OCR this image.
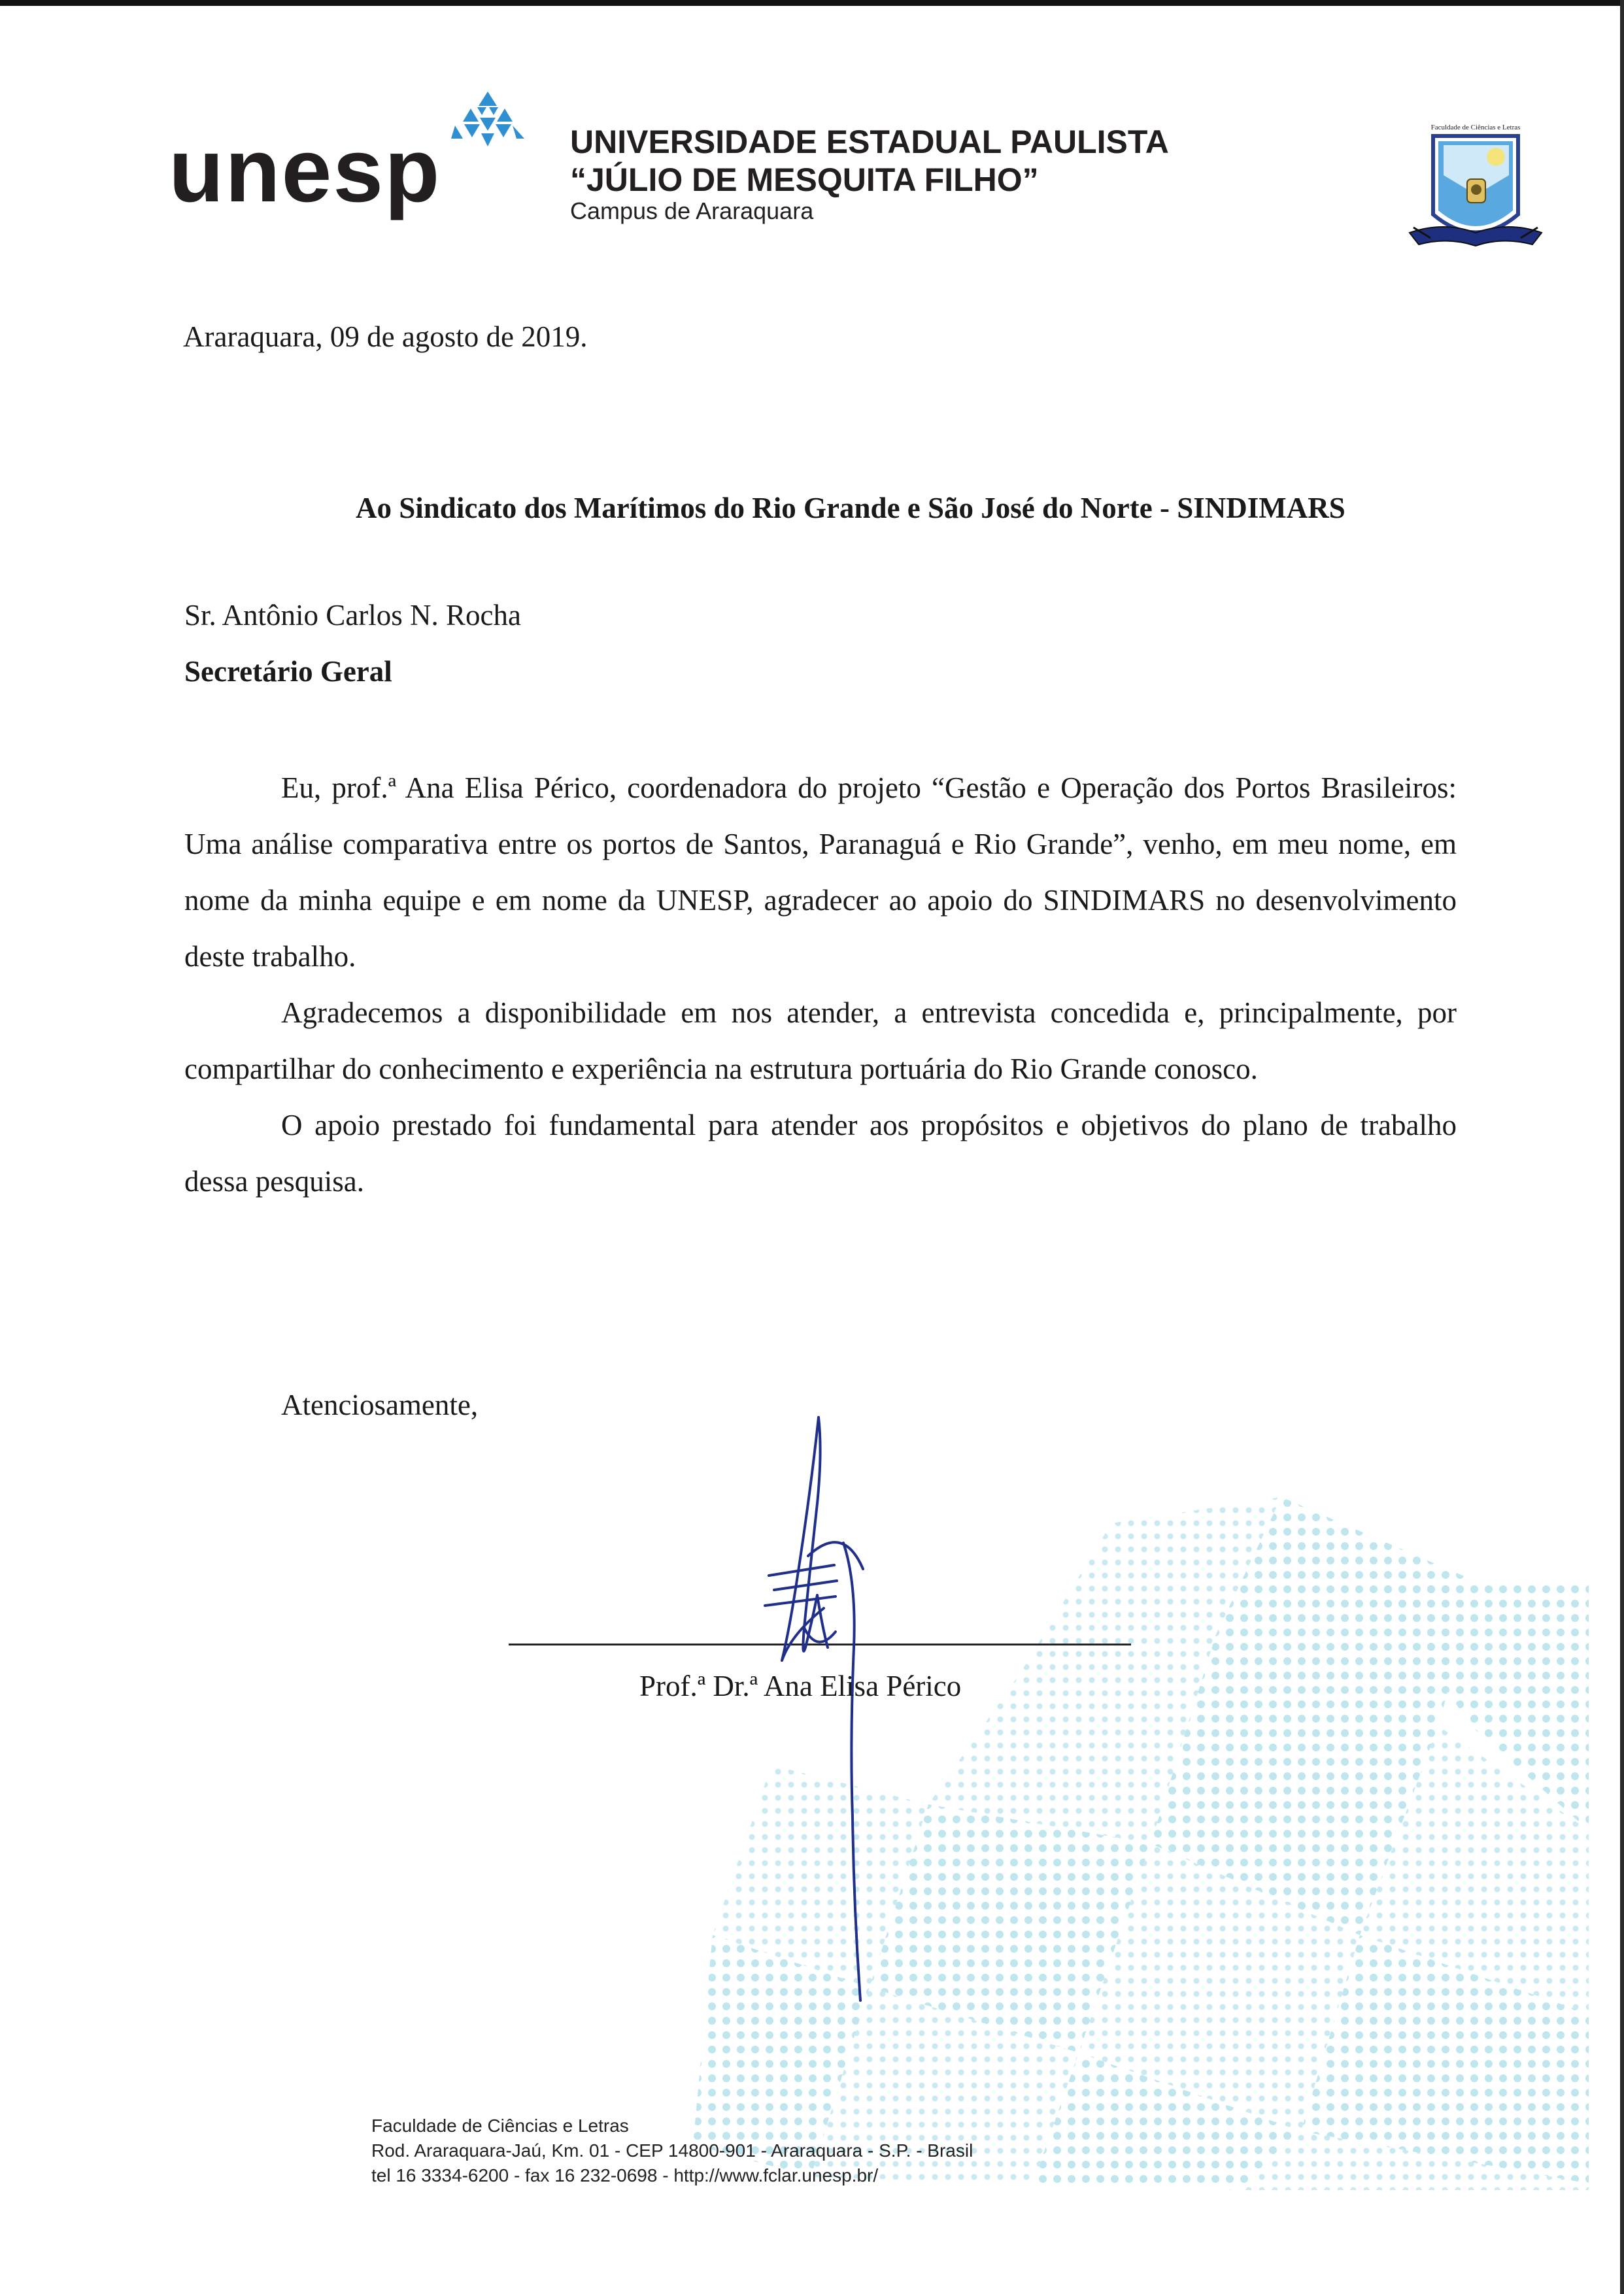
unesp	UNIVERSIDADE ESTADUAL PAULISTA
“JÚLIO DE MESQUITA FILHO”
Campus de Araraquara
Faculdade de Ciências e Letras
Araraquara, 09 de agosto de 2019.
Ao Sindicato dos Marítimos do Rio Grande e São José do Norte - SINDIMARS
Sr. Antônio Carlos N. Rocha
Secretário Geral
Eu, prof.ª Ana Elisa Périco, coordenadora do projeto “Gestão e Operação dos Portos Brasileiros: Uma análise comparativa entre os portos de Santos, Paranaguá e Rio Grande”, venho, em meu nome, em nome da minha equipe e em nome da UNESP, agradecer ao apoio do SINDIMARS no desenvolvimento deste trabalho.
Agradecemos a disponibilidade em nos atender, a entrevista concedida e, principalmente, por compartilhar do conhecimento e experiência na estrutura portuária do Rio Grande conosco.
O apoio prestado foi fundamental para atender aos propósitos e objetivos do plano de trabalho dessa pesquisa.
Atenciosamente,
Prof.ª Dr.ª Ana Elisa Périco
Faculdade de Ciências e Letras
Rod. Araraquara-Jaú, Km. 01 - CEP 14800-901 - Araraquara - S.P. - Brasil
tel 16 3334-6200 - fax 16 232-0698 - http://www.fclar.unesp.br/
